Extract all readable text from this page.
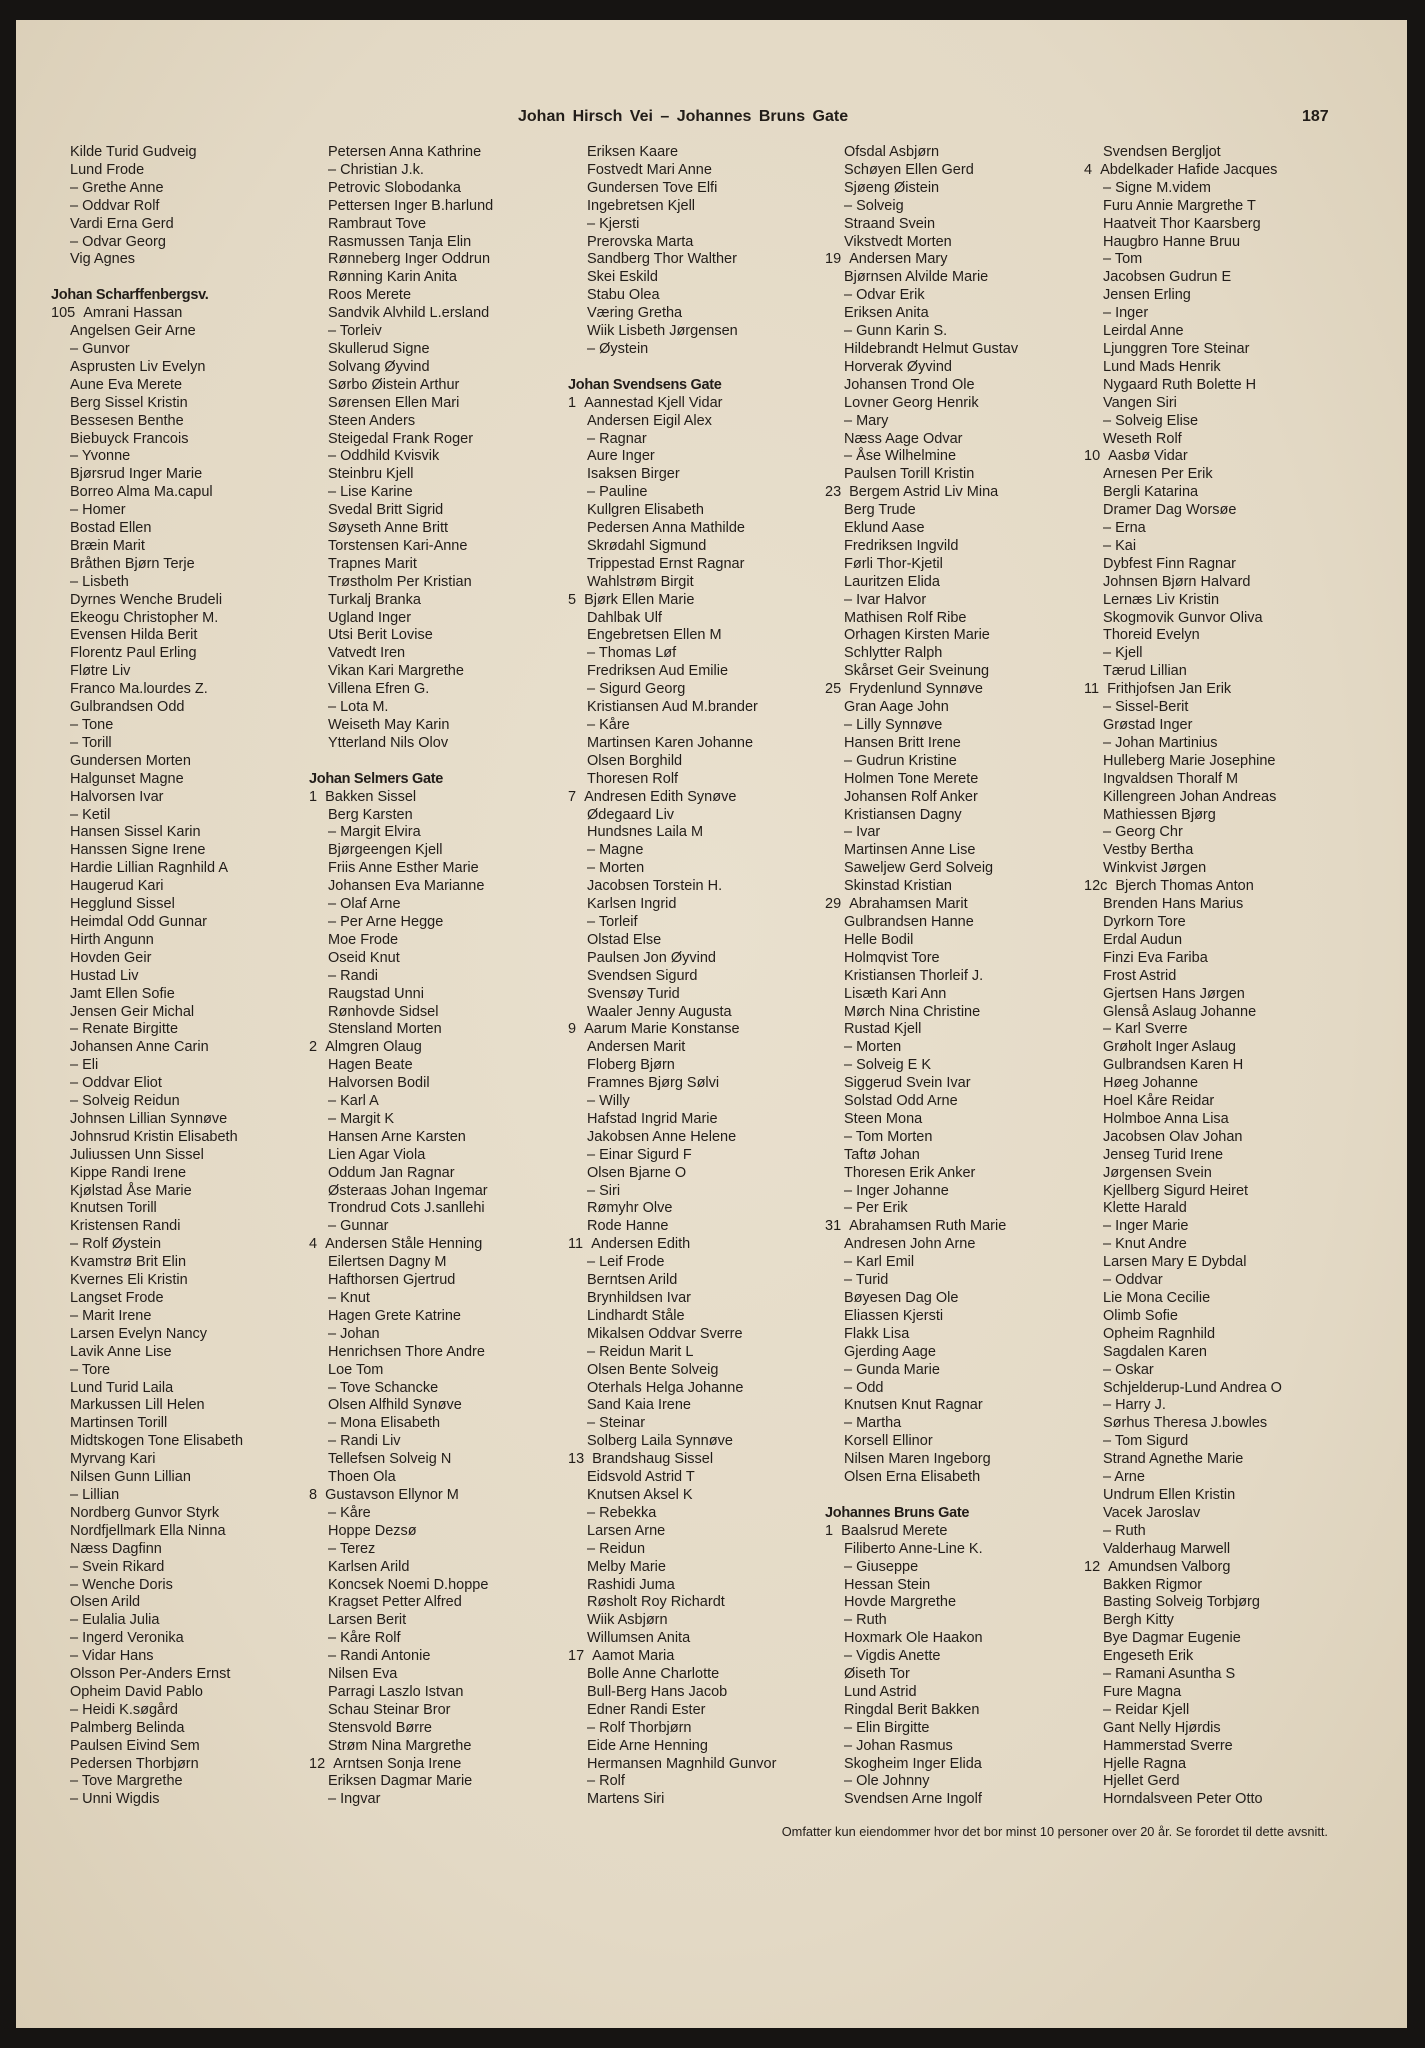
Johan Hirsch Vei – Johannes Bruns Gate	187
Kilde Turid Gudveig
Lund Frode
– Grethe Anne
– Oddvar Rolf
Vardi Erna Gerd
– Odvar Georg
Vig Agnes
Johan Scharffenbergsv.
105 Amrani Hassan
Angelsen Geir Arne
– Gunvor
Asprusten Liv Evelyn
Aune Eva Merete
Berg Sissel Kristin
Bessesen Benthe
Biebuyck Francois
– Yvonne
Bjørsrud Inger Marie
Borreo Alma Ma.capul
– Homer
Bostad Ellen
Bræin Marit
Bråthen Bjørn Terje
– Lisbeth
Dyrnes Wenche Brudeli
Ekeogu Christopher M.
Evensen Hilda Berit
Florentz Paul Erling
Fløtre Liv
Franco Ma.lourdes Z.
Gulbrandsen Odd
– Tone
– Torill
Gundersen Morten
Halgunset Magne
Halvorsen Ivar
– Ketil
Hansen Sissel Karin
Hanssen Signe Irene
Hardie Lillian Ragnhild A
Haugerud Kari
Hegglund Sissel
Heimdal Odd Gunnar
Hirth Angunn
Hovden Geir
Hustad Liv
Jamt Ellen Sofie
Jensen Geir Michal
– Renate Birgitte
Johansen Anne Carin
– Eli
– Oddvar Eliot
– Solveig Reidun
Johnsen Lillian Synnøve
Johnsrud Kristin Elisabeth
Juliussen Unn Sissel
Kippe Randi Irene
Kjølstad Åse Marie
Knutsen Torill
Kristensen Randi
– Rolf Øystein
Kvamstrø Brit Elin
Kvernes Eli Kristin
Langset Frode
– Marit Irene
Larsen Evelyn Nancy
Lavik Anne Lise
– Tore
Lund Turid Laila
Markussen Lill Helen
Martinsen Torill
Midtskogen Tone Elisabeth
Myrvang Kari
Nilsen Gunn Lillian
– Lillian
Nordberg Gunvor Styrk
Nordfjellmark Ella Ninna
Næss Dagfinn
– Svein Rikard
– Wenche Doris
Olsen Arild
– Eulalia Julia
– Ingerd Veronika
– Vidar Hans
Olsson Per-Anders Ernst
Opheim David Pablo
– Heidi K.søgård
Palmberg Belinda
Paulsen Eivind Sem
Pedersen Thorbjørn
– Tove Margrethe
– Unni Wigdis
Petersen Anna Kathrine
– Christian J.k.
Petrovic Slobodanka
Pettersen Inger B.harlund
Rambraut Tove
Rasmussen Tanja Elin
Rønneberg Inger Oddrun
Rønning Karin Anita
Roos Merete
Sandvik Alvhild L.ersland
– Torleiv
Skullerud Signe
Solvang Øyvind
Sørbo Øistein Arthur
Sørensen Ellen Mari
Steen Anders
Steigedal Frank Roger
– Oddhild Kvisvik
Steinbru Kjell
– Lise Karine
Svedal Britt Sigrid
Søyseth Anne Britt
Torstensen Kari-Anne
Trapnes Marit
Trøstholm Per Kristian
Turkalj Branka
Ugland Inger
Utsi Berit Lovise
Vatvedt Iren
Vikan Kari Margrethe
Villena Efren G.
– Lota M.
Weiseth May Karin
Ytterland Nils Olov
Johan Selmers Gate
1 Bakken Sissel
Berg Karsten
– Margit Elvira
Bjørgeengen Kjell
Friis Anne Esther Marie
Johansen Eva Marianne
– Olaf Arne
– Per Arne Hegge
Moe Frode
Oseid Knut
– Randi
Raugstad Unni
Rønhovde Sidsel
Stensland Morten
2 Almgren Olaug
Hagen Beate
Halvorsen Bodil
– Karl A
– Margit K
Hansen Arne Karsten
Lien Agar Viola
Oddum Jan Ragnar
Østeraas Johan Ingemar
Trondrud Cots J.sanllehi
– Gunnar
4 Andersen Ståle Henning
Eilertsen Dagny M
Hafthorsen Gjertrud
– Knut
Hagen Grete Katrine
– Johan
Henrichsen Thore Andre
Loe Tom
– Tove Schancke
Olsen Alfhild Synøve
– Mona Elisabeth
– Randi Liv
Tellefsen Solveig N
Thoen Ola
8 Gustavson Ellynor M
– Kåre
Hoppe Dezsø
– Terez
Karlsen Arild
Koncsek Noemi D.hoppe
Kragset Petter Alfred
Larsen Berit
– Kåre Rolf
– Randi Antonie
Nilsen Eva
Parragi Laszlo Istvan
Schau Steinar Bror
Stensvold Børre
Strøm Nina Margrethe
12 Arntsen Sonja Irene
Eriksen Dagmar Marie
– Ingvar
Eriksen Kaare
Fostvedt Mari Anne
Gundersen Tove Elfi
Ingebretsen Kjell
– Kjersti
Prerovska Marta
Sandberg Thor Walther
Skei Eskild
Stabu Olea
Væring Gretha
Wiik Lisbeth Jørgensen
– Øystein
Johan Svendsens Gate
1 Aannestad Kjell Vidar
Andersen Eigil Alex
– Ragnar
Aure Inger
Isaksen Birger
– Pauline
Kullgren Elisabeth
Pedersen Anna Mathilde
Skrødahl Sigmund
Trippestad Ernst Ragnar
Wahlstrøm Birgit
5 Bjørk Ellen Marie
Dahlbak Ulf
Engebretsen Ellen M
– Thomas Løf
Fredriksen Aud Emilie
– Sigurd Georg
Kristiansen Aud M.brander
– Kåre
Martinsen Karen Johanne
Olsen Borghild
Thoresen Rolf
7 Andresen Edith Synøve
Ødegaard Liv
Hundsnes Laila M
– Magne
– Morten
Jacobsen Torstein H.
Karlsen Ingrid
– Torleif
Olstad Else
Paulsen Jon Øyvind
Svendsen Sigurd
Svensøy Turid
Waaler Jenny Augusta
9 Aarum Marie Konstanse
Andersen Marit
Floberg Bjørn
Framnes Bjørg Sølvi
– Willy
Hafstad Ingrid Marie
Jakobsen Anne Helene
– Einar Sigurd F
Olsen Bjarne O
– Siri
Rømyhr Olve
Rode Hanne
11 Andersen Edith
– Leif Frode
Berntsen Arild
Brynhildsen Ivar
Lindhardt Ståle
Mikalsen Oddvar Sverre
– Reidun Marit L
Olsen Bente Solveig
Oterhals Helga Johanne
Sand Kaia Irene
– Steinar
Solberg Laila Synnøve
13 Brandshaug Sissel
Eidsvold Astrid T
Knutsen Aksel K
– Rebekka
Larsen Arne
– Reidun
Melby Marie
Rashidi Juma
Røsholt Roy Richardt
Wiik Asbjørn
Willumsen Anita
17 Aamot Maria
Bolle Anne Charlotte
Bull-Berg Hans Jacob
Edner Randi Ester
– Rolf Thorbjørn
Eide Arne Henning
Hermansen Magnhild Gunvor
– Rolf
Martens Siri
Ofsdal Asbjørn
Schøyen Ellen Gerd
Sjøeng Øistein
– Solveig
Straand Svein
Vikstvedt Morten
19 Andersen Mary
Bjørnsen Alvilde Marie
– Odvar Erik
Eriksen Anita
– Gunn Karin S.
Hildebrandt Helmut Gustav
Horverak Øyvind
Johansen Trond Ole
Lovner Georg Henrik
– Mary
Næss Aage Odvar
– Åse Wilhelmine
Paulsen Torill Kristin
23 Bergem Astrid Liv Mina
Berg Trude
Eklund Aase
Fredriksen Ingvild
Førli Thor-Kjetil
Lauritzen Elida
– Ivar Halvor
Mathisen Rolf Ribe
Orhagen Kirsten Marie
Schlytter Ralph
Skårset Geir Sveinung
25 Frydenlund Synnøve
Gran Aage John
– Lilly Synnøve
Hansen Britt Irene
– Gudrun Kristine
Holmen Tone Merete
Johansen Rolf Anker
Kristiansen Dagny
– Ivar
Martinsen Anne Lise
Saweljew Gerd Solveig
Skinstad Kristian
29 Abrahamsen Marit
Gulbrandsen Hanne
Helle Bodil
Holmqvist Tore
Kristiansen Thorleif J.
Lisæth Kari Ann
Mørch Nina Christine
Rustad Kjell
– Morten
– Solveig E K
Siggerud Svein Ivar
Solstad Odd Arne
Steen Mona
– Tom Morten
Taftø Johan
Thoresen Erik Anker
– Inger Johanne
– Per Erik
31 Abrahamsen Ruth Marie
Andresen John Arne
– Karl Emil
– Turid
Bøyesen Dag Ole
Eliassen Kjersti
Flakk Lisa
Gjerding Aage
– Gunda Marie
– Odd
Knutsen Knut Ragnar
– Martha
Korsell Ellinor
Nilsen Maren Ingeborg
Olsen Erna Elisabeth
Johannes Bruns Gate
1 Baalsrud Merete
Filiberto Anne-Line K.
– Giuseppe
Hessan Stein
Hovde Margrethe
– Ruth
Hoxmark Ole Haakon
– Vigdis Anette
Øiseth Tor
Lund Astrid
Ringdal Berit Bakken
– Elin Birgitte
– Johan Rasmus
Skogheim Inger Elida
– Ole Johnny
Svendsen Arne Ingolf
Svendsen Bergljot
4 Abdelkader Hafide Jacques
– Signe M.videm
Furu Annie Margrethe T
Haatveit Thor Kaarsberg
Haugbro Hanne Bruu
– Tom
Jacobsen Gudrun E
Jensen Erling
– Inger
Leirdal Anne
Ljunggren Tore Steinar
Lund Mads Henrik
Nygaard Ruth Bolette H
Vangen Siri
– Solveig Elise
Weseth Rolf
10 Aasbø Vidar
Arnesen Per Erik
Bergli Katarina
Dramer Dag Worsøe
– Erna
– Kai
Dybfest Finn Ragnar
Johnsen Bjørn Halvard
Lernæs Liv Kristin
Skogmovik Gunvor Oliva
Thoreid Evelyn
– Kjell
Tærud Lillian
11 Frithjofsen Jan Erik
– Sissel-Berit
Grøstad Inger
– Johan Martinius
Hulleberg Marie Josephine
Ingvaldsen Thoralf M
Killengreen Johan Andreas
Mathiessen Bjørg
– Georg Chr
Vestby Bertha
Winkvist Jørgen
12c Bjerch Thomas Anton
Brenden Hans Marius
Dyrkorn Tore
Erdal Audun
Finzi Eva Fariba
Frost Astrid
Gjertsen Hans Jørgen
Glenså Aslaug Johanne
– Karl Sverre
Grøholt Inger Aslaug
Gulbrandsen Karen H
Høeg Johanne
Hoel Kåre Reidar
Holmboe Anna Lisa
Jacobsen Olav Johan
Jenseg Turid Irene
Jørgensen Svein
Kjellberg Sigurd Heiret
Klette Harald
– Inger Marie
– Knut Andre
Larsen Mary E Dybdal
– Oddvar
Lie Mona Cecilie
Olimb Sofie
Opheim Ragnhild
Sagdalen Karen
– Oskar
Schjelderup-Lund Andrea O
– Harry J.
Sørhus Theresa J.bowles
– Tom Sigurd
Strand Agnethe Marie
– Arne
Undrum Ellen Kristin
Vacek Jaroslav
– Ruth
Valderhaug Marwell
12 Amundsen Valborg
Bakken Rigmor
Basting Solveig Torbjørg
Bergh Kitty
Bye Dagmar Eugenie
Engeseth Erik
– Ramani Asuntha S
Fure Magna
– Reidar Kjell
Gant Nelly Hjørdis
Hammerstad Sverre
Hjelle Ragna
Hjellet Gerd
Horndalsveen Peter Otto
Omfatter kun eiendommer hvor det bor minst 10 personer over 20 år. Se forordet til dette avsnitt.
